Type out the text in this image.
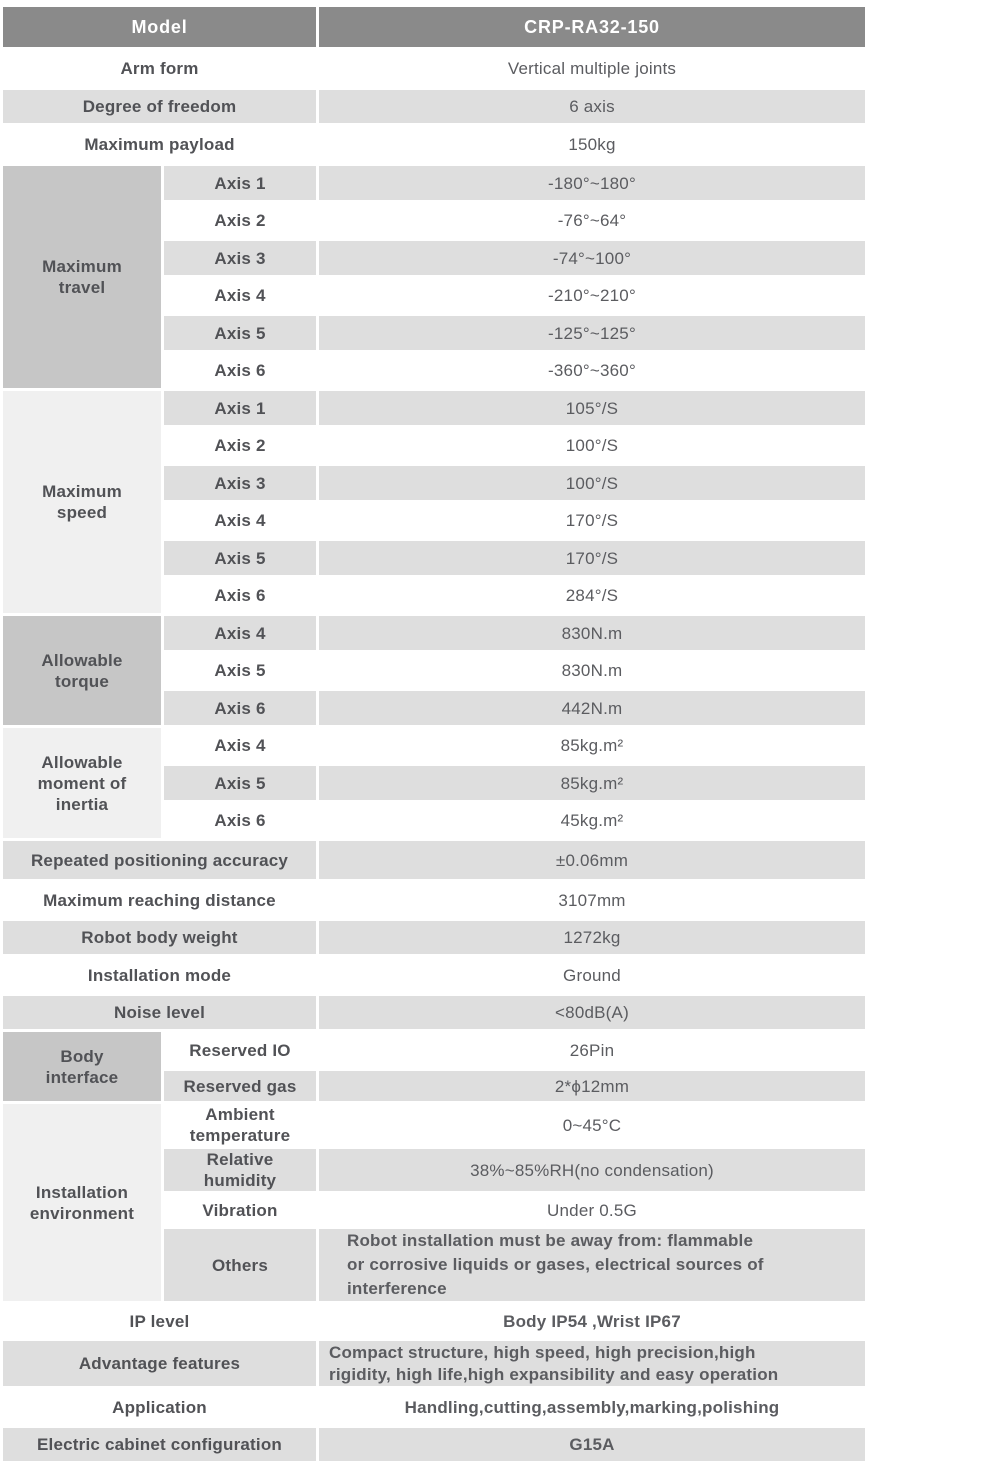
Model		CRP-RA32-150
Arm form		Vertical multiple joints
Degree of freedom		6 axis
Maximum payload		150kg
Maximum travel	Axis 1	-180°~180°
	Axis 2	-76°~64°
	Axis 3	-74°~100°
	Axis 4	-210°~210°
	Axis 5	-125°~125°
	Axis 6	-360°~360°
Maximum speed	Axis 1	105°/S
	Axis 2	100°/S
	Axis 3	100°/S
	Axis 4	170°/S
	Axis 5	170°/S
	Axis 6	284°/S
Allowable torque	Axis 4	830N.m
	Axis 5	830N.m
	Axis 6	442N.m
Allowable moment of inertia	Axis 4	85kg.m²
	Axis 5	85kg.m²
	Axis 6	45kg.m²
Repeated positioning accuracy		±0.06mm
Maximum reaching distance		3107mm
Robot body weight		1272kg
Installation mode		Ground
Noise level		<80dB(A)
Body interface	Reserved IO	26Pin
	Reserved gas	2*ϕ12mm
Installation environment	Ambient temperature	0~45°C
	Relative humidity	38%~85%RH(no condensation)
	Vibration	Under 0.5G
	Others	Robot installation must be away from: flammable
or corrosive liquids or gases, electrical sources of
interference

IP level		Body IP54 ,Wrist IP67
Advantage features		Compact structure, high speed, high precision,high
rigidity, high life,high expansibility and easy operation

Application		Handling,cutting,assembly,marking,polishing
Electric cabinet configuration		G15A
